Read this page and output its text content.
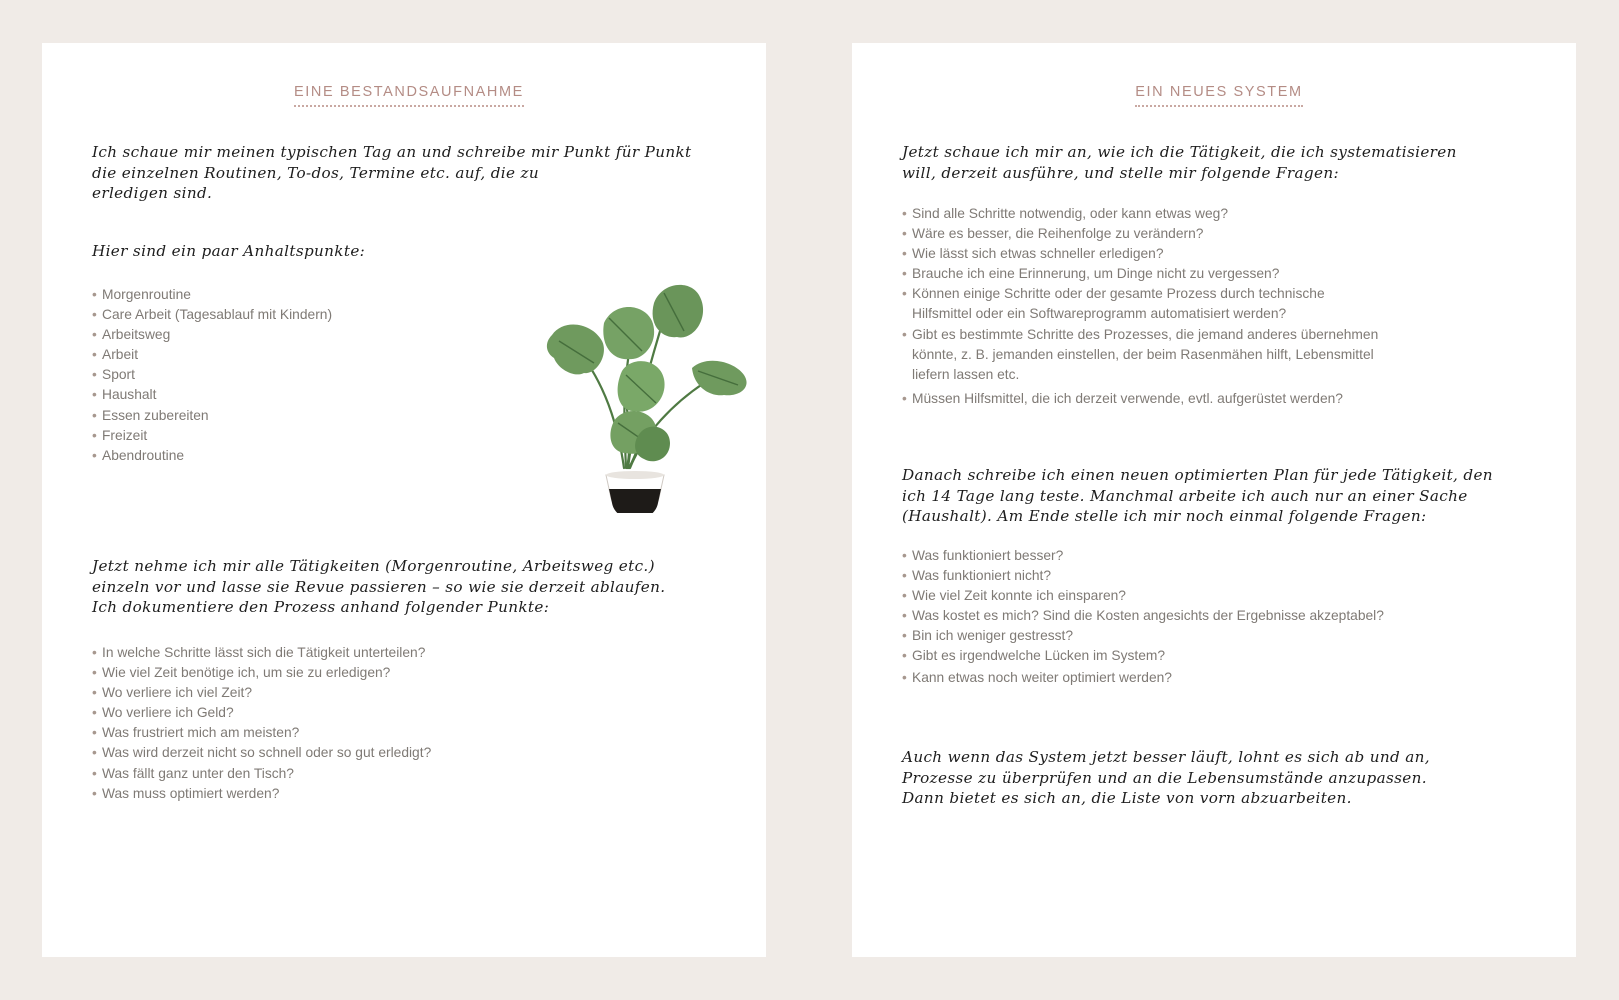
EINE BESTANDSAUFNAHME

Ich schaue mir meinen typischen Tag an und schreibe mir Punkt für Punkt
die einzelnen Routinen, To-dos, Termine etc. auf, die zu
erledigen sind.

Hier sind ein paar Anhaltspunkte:

• Morgenroutine
• Care Arbeit (Tagesablauf mit Kindern)
• Arbeitsweg
• Arbeit
• Sport
• Haushalt
• Essen zubereiten
• Freizeit
• Abendroutine

Jetzt nehme ich mir alle Tätigkeiten (Morgenroutine, Arbeitsweg etc.)
einzeln vor und lasse sie Revue passieren – so wie sie derzeit ablaufen.
Ich dokumentiere den Prozess anhand folgender Punkte:

• In welche Schritte lässt sich die Tätigkeit unterteilen?
• Wie viel Zeit benötige ich, um sie zu erledigen?
• Wo verliere ich viel Zeit?
• Wo verliere ich Geld?
• Was frustriert mich am meisten?
• Was wird derzeit nicht so schnell oder so gut erledigt?
• Was fällt ganz unter den Tisch?
• Was muss optimiert werden?
EIN NEUES SYSTEM

Jetzt schaue ich mir an, wie ich die Tätigkeit, die ich systematisieren
will, derzeit ausführe, und stelle mir folgende Fragen:

• Sind alle Schritte notwendig, oder kann etwas weg?
• Wäre es besser, die Reihenfolge zu verändern?
• Wie lässt sich etwas schneller erledigen?
• Brauche ich eine Erinnerung, um Dinge nicht zu vergessen?
• Können einige Schritte oder der gesamte Prozess durch technische
Hilfsmittel oder ein Softwareprogramm automatisiert werden?
• Gibt es bestimmte Schritte des Prozesses, die jemand anderes übernehmen
könnte, z. B. jemanden einstellen, der beim Rasenmähen hilft, Lebensmittel
liefern lassen etc.
• Müssen Hilfsmittel, die ich derzeit verwende, evtl. aufgerüstet werden?

Danach schreibe ich einen neuen optimierten Plan für jede Tätigkeit, den
ich 14 Tage lang teste. Manchmal arbeite ich auch nur an einer Sache
(Haushalt). Am Ende stelle ich mir noch einmal folgende Fragen:

• Was funktioniert besser?
• Was funktioniert nicht?
• Wie viel Zeit konnte ich einsparen?
• Was kostet es mich? Sind die Kosten angesichts der Ergebnisse akzeptabel?
• Bin ich weniger gestresst?
• Gibt es irgendwelche Lücken im System?
• Kann etwas noch weiter optimiert werden?

Auch wenn das System jetzt besser läuft, lohnt es sich ab und an,
Prozesse zu überprüfen und an die Lebensumstände anzupassen.
Dann bietet es sich an, die Liste von vorn abzuarbeiten.
